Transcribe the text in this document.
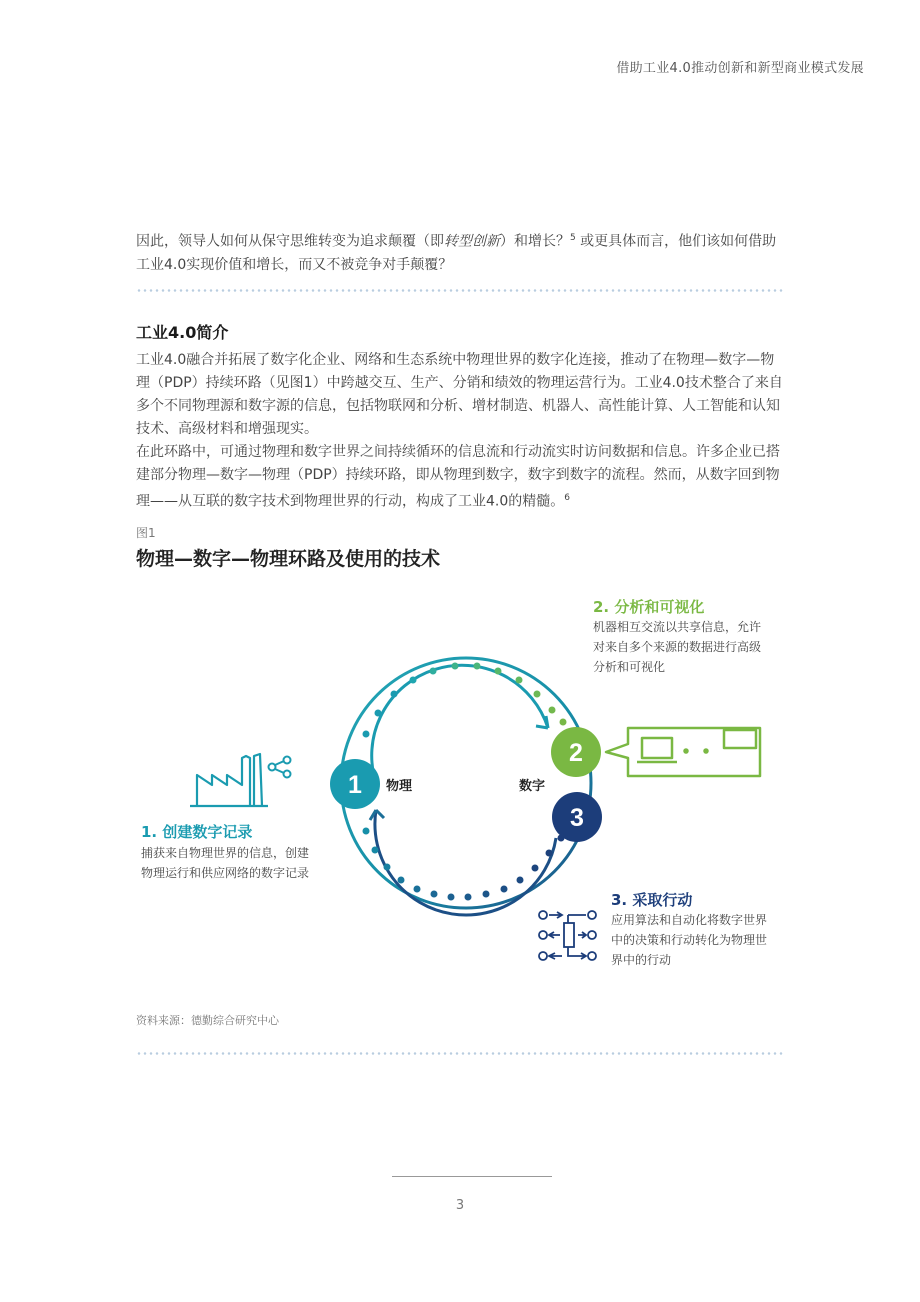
借助工业4.0推动创新和新型商业模式发展
因此，领导人如何从保守思维转变为追求颠覆（即转型创新）和增长？$^5$ 或更具体而言，他们该如何借助工业4.0实现价值和增长，而又不被竞争对手颠覆？
工业4.0简介
工业4.0融合并拓展了数字化企业、网络和生态系统中物理世界的数字化连接，推动了在物理—数字—物理（PDP）持续环路（见图1）中跨越交互、生产、分销和绩效的物理运营行为。工业4.0技术整合了来自多个不同物理源和数字源的信息，包括物联网和分析、增材制造、机器人、高性能计算、人工智能和认知技术、高级材料和增强现实。
在此环路中，可通过物理和数字世界之间持续循环的信息流和行动流实时访问数据和信息。许多企业已搭建部分物理—数字—物理（PDP）持续环路，即从物理到数字，数字到数字的流程。然而，从数字回到物理——从互联的数字技术到物理世界的行动，构成了工业4.0的精髓。$^6$
图1
物理—数字—物理环路及使用的技术
1
2
3
物理	数字
1. 创建数字记录
捕获来自物理世界的信息，创建
物理运行和供应网络的数字记录
2. 分析和可视化
机器相互交流以共享信息，允许
对来自多个来源的数据进行高级
分析和可视化
3. 采取行动
应用算法和自动化将数字世界
中的决策和行动转化为物理世
界中的行动
资料来源：德勤综合研究中心
3
